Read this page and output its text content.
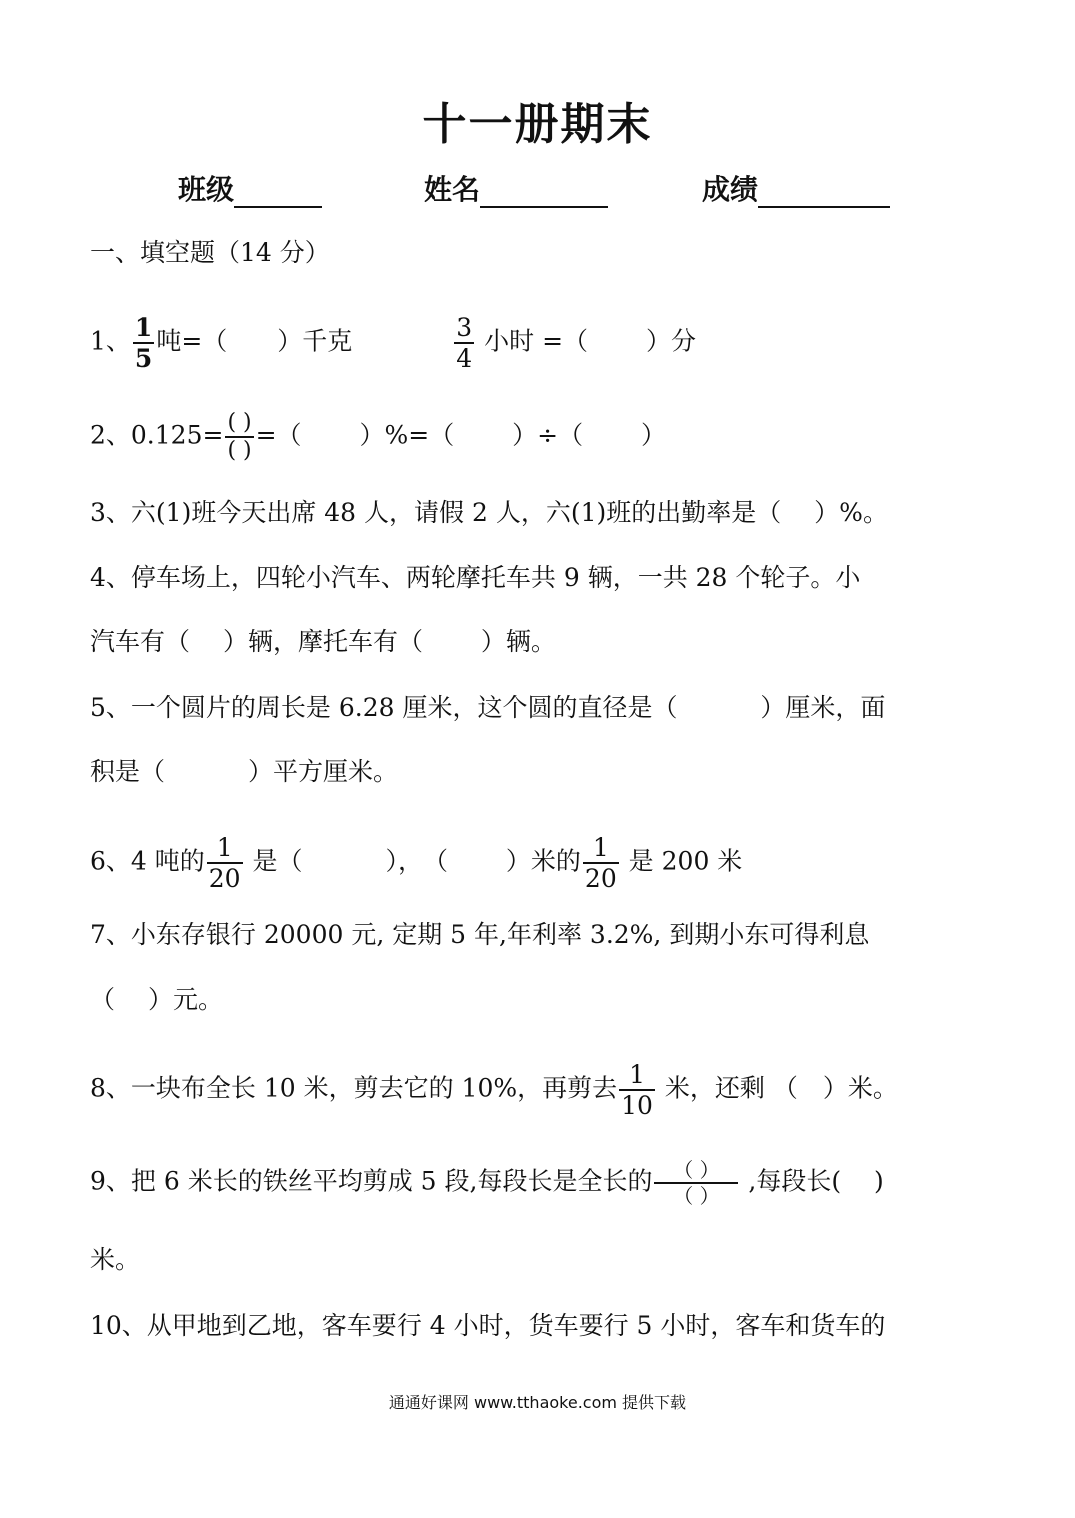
十一册期末
班级	姓名	成绩
一、填空题（14 分）
1、 $\frac{1}{5}$ 吨=（　　）千克	$\frac{3}{4}$ 小时 =（　　 ）分
2、$0.125= \frac{( )}{( )}$ =（　　 ）%=（　　 ）÷（　　 ）
3、六(1)班今天出席 48 人，请假 2 人，六(1)班的出勤率是（　 ）%。
4、停车场上，四轮小汽车、两轮摩托车共 9 辆，一共 28 个轮子。小
汽车有（　 ）辆，摩托车有（　　 ）辆。
5、一个圆片的周长是 6.28 厘米，这个圆的直径是（　　　 ）厘米，面
积是（　　　 ）平方厘米。
6、4 吨的 $\frac{1}{20}$ 是（　　　 ），　（　　 ）米的 $\frac{1}{20}$ 是 200 米
7、小东存银行 20000 元, 定期 5 年,年利率 3.2%, 到期小东可得利息
（　 ）元。
8、一块布全长 10 米，剪去它的 10%，再剪去 $\frac{1}{10}$ 米，还剩 （　）米。
9、把 6 米长的铁丝平均剪成 5 段,每段长是全长的 $\frac{( )}{( )}$ ,每段长(　 )
米。
10、从甲地到乙地，客车要行 4 小时，货车要行 5 小时，客车和货车的
通通好课网 www.tthaoke.com 提供下载
